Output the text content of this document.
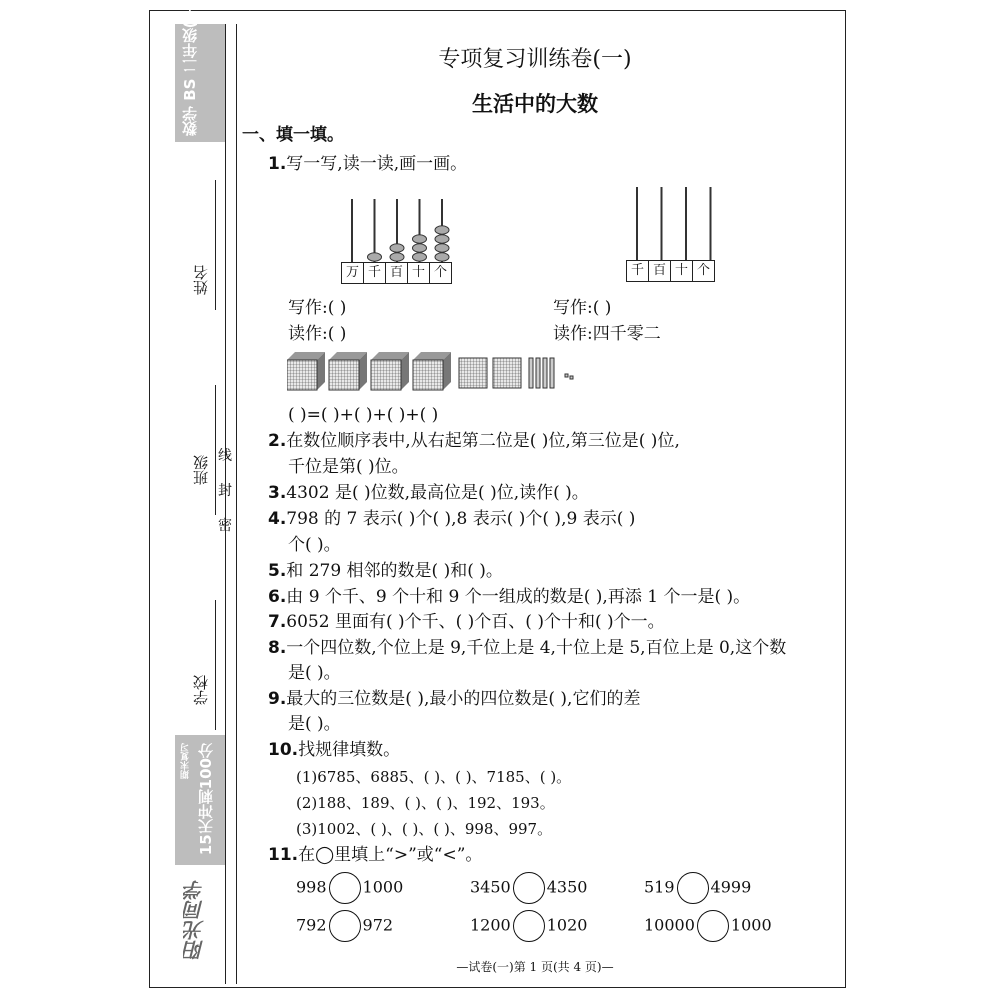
数学 BS 二年级(下)
姓名
班级 线
封
密
学校
期末复习 15天冲刺100分
阳光同学
专项复习训练卷(一)
生活中的大数
一、填一填。
1.写一写,读一读,画一画。
万 千 百 十 个	千 百 十 个
写作:( )
读作:( )
写作:( )
读作:四千零二
( )=( )+( )+( )+( )
2.在数位顺序表中,从右起第二位是( )位,第三位是( )位,
千位是第( )位。
3.4302 是( )位数,最高位是( )位,读作( )。
4.798 的 7 表示( )个( ),8 表示( )个( ),9 表示( )
个( )。
5.和 279 相邻的数是( )和( )。
6.由 9 个千、9 个十和 9 个一组成的数是( ),再添 1 个一是( )。
7.6052 里面有( )个千、( )个百、( )个十和( )个一。
8.一个四位数,个位上是 9,千位上是 4,十位上是 5,百位上是 0,这个数
是( )。
9.最大的三位数是( ),最小的四位数是( ),它们的差
是( )。
10.找规律填数。
(1)6785、6885、( )、( )、7185、( )。
(2)188、189、( )、( )、192、193。
(3)1002、( )、( )、( )、998、997。
11.在◯里填上“>”或“<”。
998 1000	3450 4350	519 4999
792 972	1200 1020	10000 1000
—试卷(一)第 1 页(共 4 页)—
